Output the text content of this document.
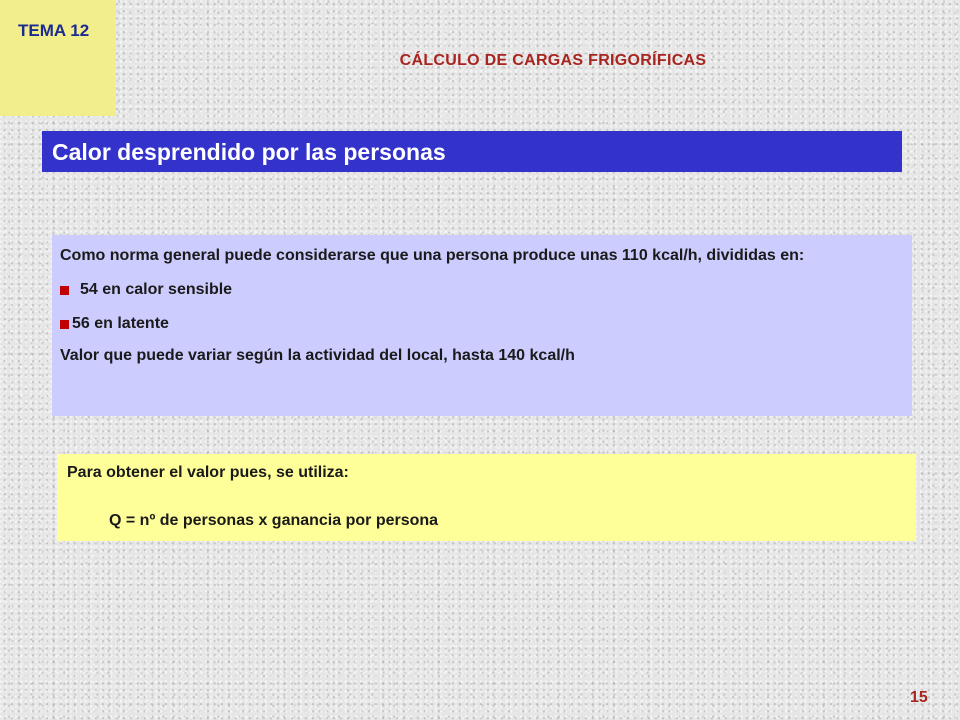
TEMA 12
CÁLCULO DE CARGAS FRIGORÍFICAS
Calor desprendido por las personas

Como norma general puede considerarse que una persona produce unas 110 kcal/h, divididas en:

54 en calor sensible

56 en latente

Valor que puede variar según la actividad del local, hasta 140 kcal/h

Para obtener el valor pues, se utiliza:

Q = nº de personas x ganancia por persona

15
